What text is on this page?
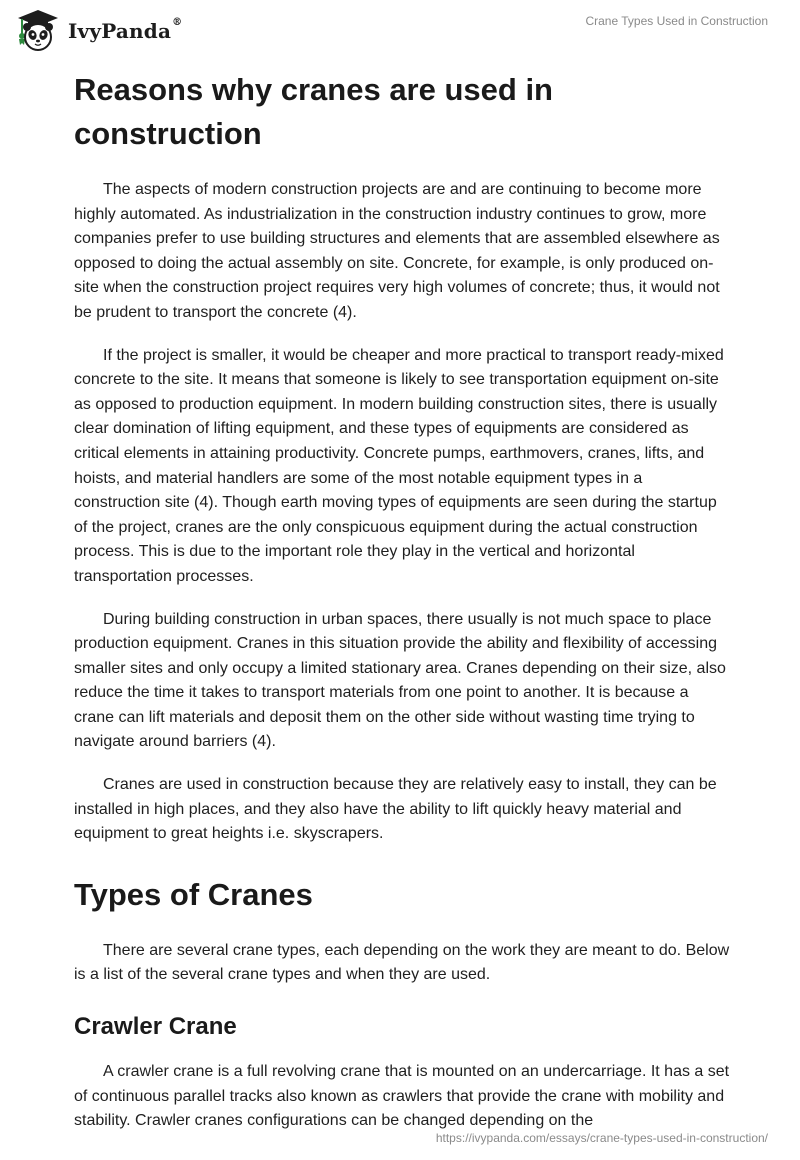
IvyPanda®	Crane Types Used in Construction
Reasons why cranes are used in construction

The aspects of modern construction projects are and are continuing to become more highly automated. As industrialization in the construction industry continues to grow, more companies prefer to use building structures and elements that are assembled elsewhere as opposed to doing the actual assembly on site. Concrete, for example, is only produced on-site when the construction project requires very high volumes of concrete; thus, it would not be prudent to transport the concrete (4).

If the project is smaller, it would be cheaper and more practical to transport ready-mixed concrete to the site. It means that someone is likely to see transportation equipment on-site as opposed to production equipment. In modern building construction sites, there is usually clear domination of lifting equipment, and these types of equipments are considered as critical elements in attaining productivity. Concrete pumps, earthmovers, cranes, lifts, and hoists, and material handlers are some of the most notable equipment types in a construction site (4). Though earth moving types of equipments are seen during the startup of the project, cranes are the only conspicuous equipment during the actual construction process. This is due to the important role they play in the vertical and horizontal transportation processes.

During building construction in urban spaces, there usually is not much space to place production equipment. Cranes in this situation provide the ability and flexibility of accessing smaller sites and only occupy a limited stationary area. Cranes depending on their size, also reduce the time it takes to transport materials from one point to another. It is because a crane can lift materials and deposit them on the other side without wasting time trying to navigate around barriers (4).

Cranes are used in construction because they are relatively easy to install, they can be installed in high places, and they also have the ability to lift quickly heavy material and equipment to great heights i.e. skyscrapers.

Types of Cranes

There are several crane types, each depending on the work they are meant to do. Below is a list of the several crane types and when they are used.

Crawler Crane

A crawler crane is a full revolving crane that is mounted on an undercarriage. It has a set of continuous parallel tracks also known as crawlers that provide the crane with mobility and stability. Crawler cranes configurations can be changed depending on the

https://ivypanda.com/essays/crane-types-used-in-construction/
